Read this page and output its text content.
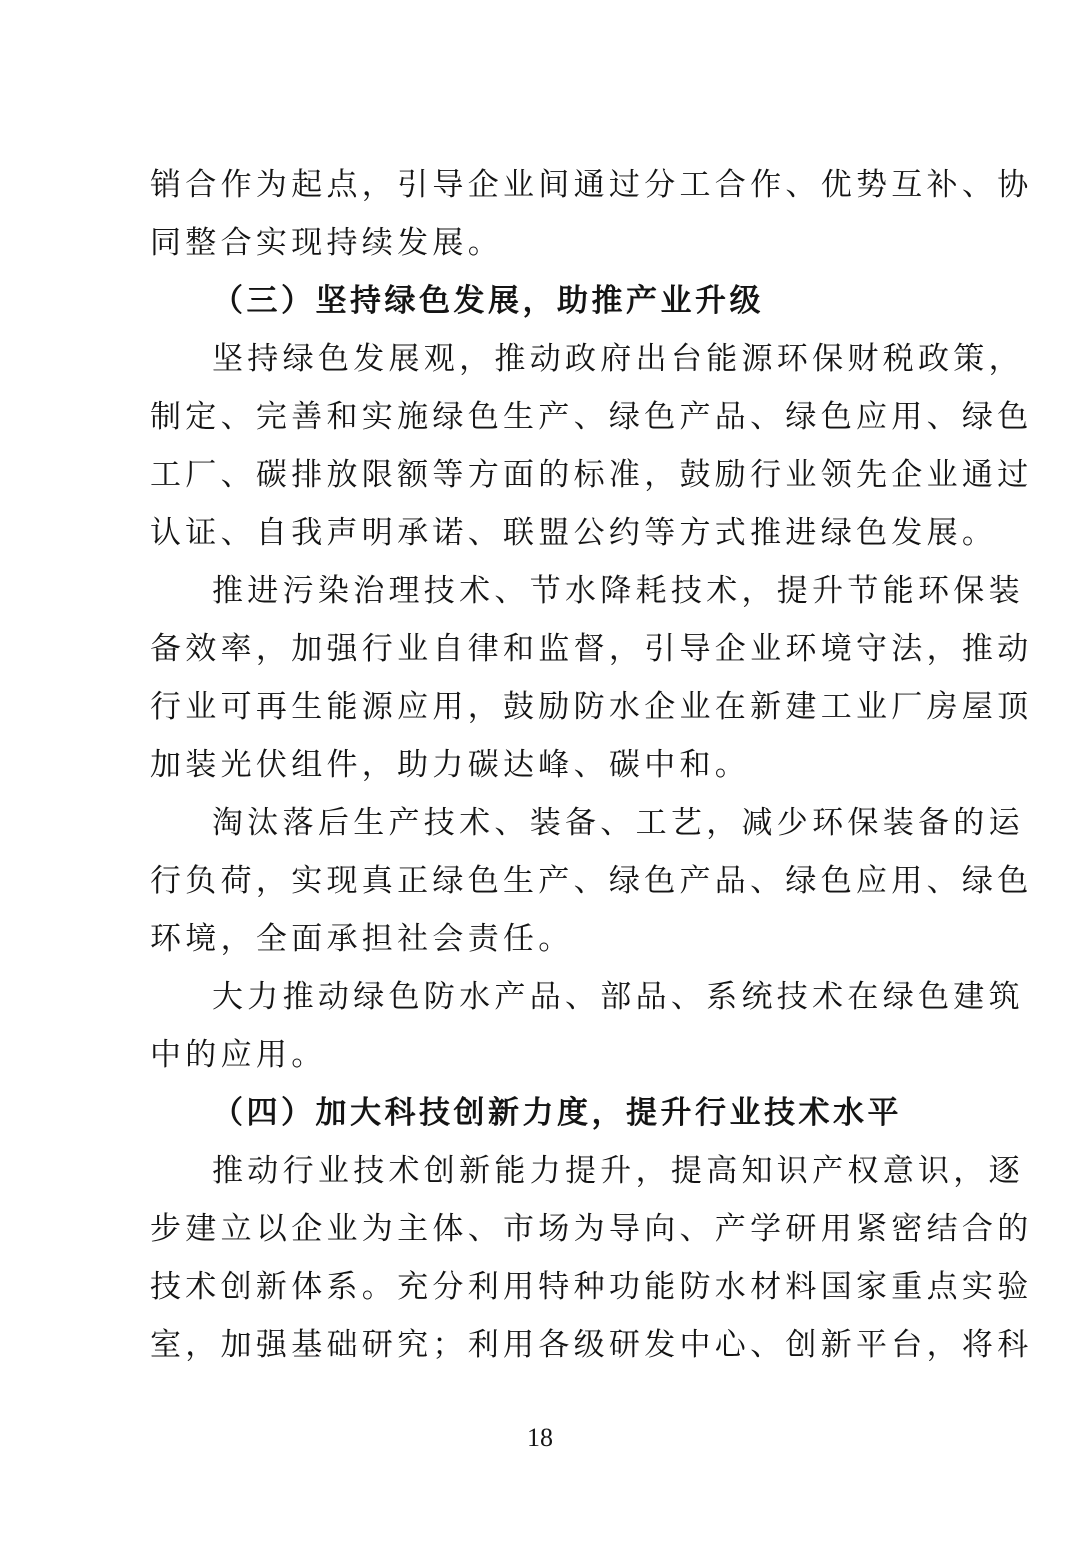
销合作为起点，引导企业间通过分工合作、优势互补、协
同整合实现持续发展。
（三）坚持绿色发展，助推产业升级
坚持绿色发展观，推动政府出台能源环保财税政策，
制定、完善和实施绿色生产、绿色产品、绿色应用、绿色
工厂、碳排放限额等方面的标准，鼓励行业领先企业通过
认证、自我声明承诺、联盟公约等方式推进绿色发展。
推进污染治理技术、节水降耗技术，提升节能环保装
备效率，加强行业自律和监督，引导企业环境守法，推动
行业可再生能源应用，鼓励防水企业在新建工业厂房屋顶
加装光伏组件，助力碳达峰、碳中和。
淘汰落后生产技术、装备、工艺，减少环保装备的运
行负荷，实现真正绿色生产、绿色产品、绿色应用、绿色
环境，全面承担社会责任。
大力推动绿色防水产品、部品、系统技术在绿色建筑
中的应用。
（四）加大科技创新力度，提升行业技术水平
推动行业技术创新能力提升，提高知识产权意识，逐
步建立以企业为主体、市场为导向、产学研用紧密结合的
技术创新体系。充分利用特种功能防水材料国家重点实验
室，加强基础研究；利用各级研发中心、创新平台，将科
18
